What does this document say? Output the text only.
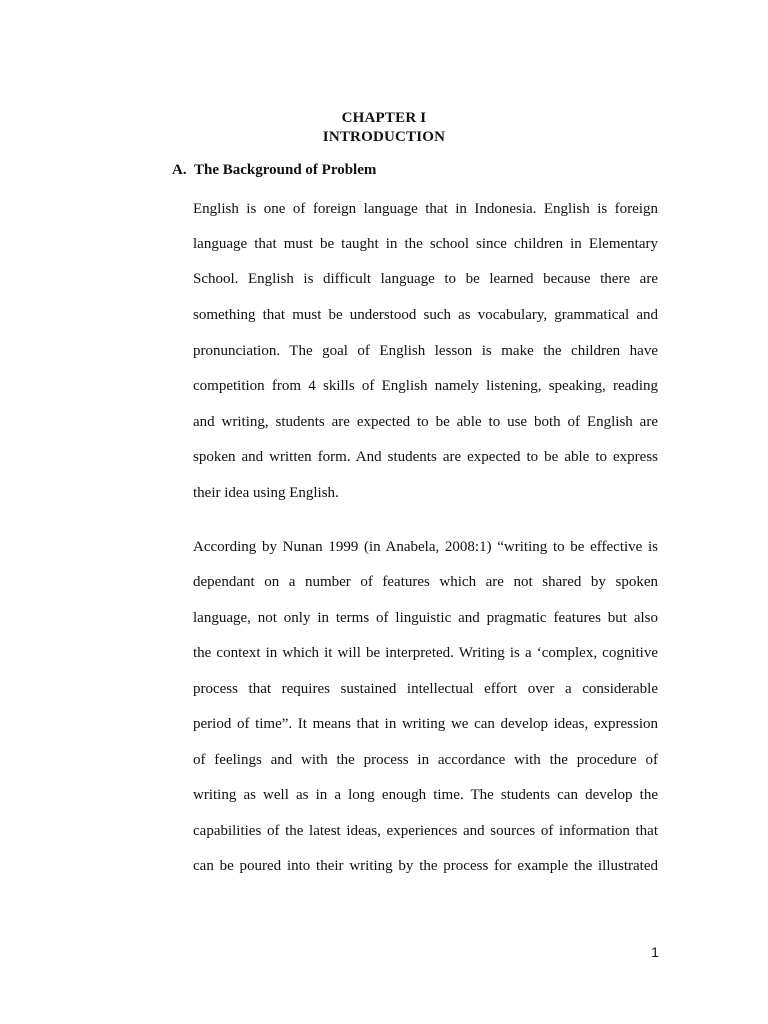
CHAPTER I
INTRODUCTION
A. The Background of Problem
English is one of foreign language that in Indonesia. English is foreign
language that must be taught in the school since children in Elementary
School. English is difficult language to be learned because there are
something that must be understood such as vocabulary, grammatical and
pronunciation. The goal of English lesson is make the children have
competition from 4 skills of English namely listening, speaking, reading
and writing, students are expected to be able to use both of English are
spoken and written form. And students are expected to be able to express
their idea using English.
According by Nunan 1999 (in Anabela, 2008:1) “writing to be effective is
dependant on a number of features which are not shared by spoken
language, not only in terms of linguistic and pragmatic features but also
the context in which it will be interpreted. Writing is a ‘complex, cognitive
process that requires sustained intellectual effort over a considerable
period of time”. It means that in writing we can develop ideas, expression
of feelings and with the process in accordance with the procedure of
writing as well as in a long enough time. The students can develop the
capabilities of the latest ideas, experiences and sources of information that
can be poured into their writing by the process for example the illustrated
1
